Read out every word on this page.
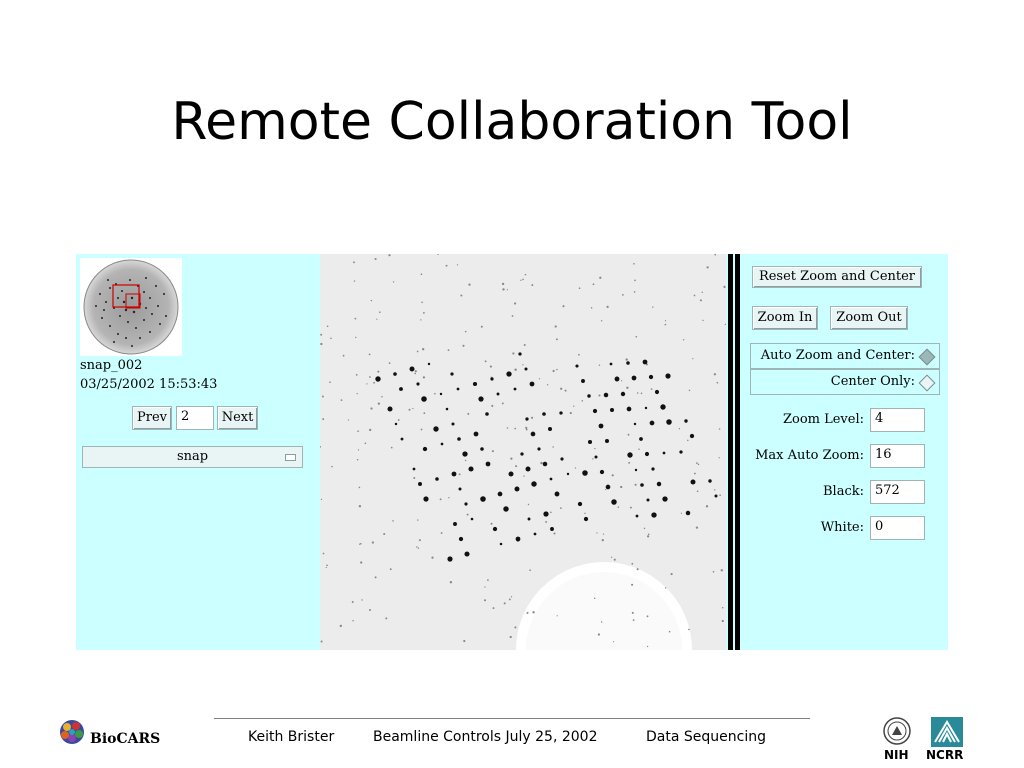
Remote Collaboration Tool
snap_002
03/25/2002 15:53:43
Prev	2	Next
snap
Reset Zoom and Center
Zoom In	Zoom Out
Auto Zoom and Center:
Center Only:
Zoom Level: 4
Max Auto Zoom: 16
Black: 572
White: 0
BioCARS	Keith Brister	Beamline Controls July 25, 2002	Data Sequencing
NIH NCRR
